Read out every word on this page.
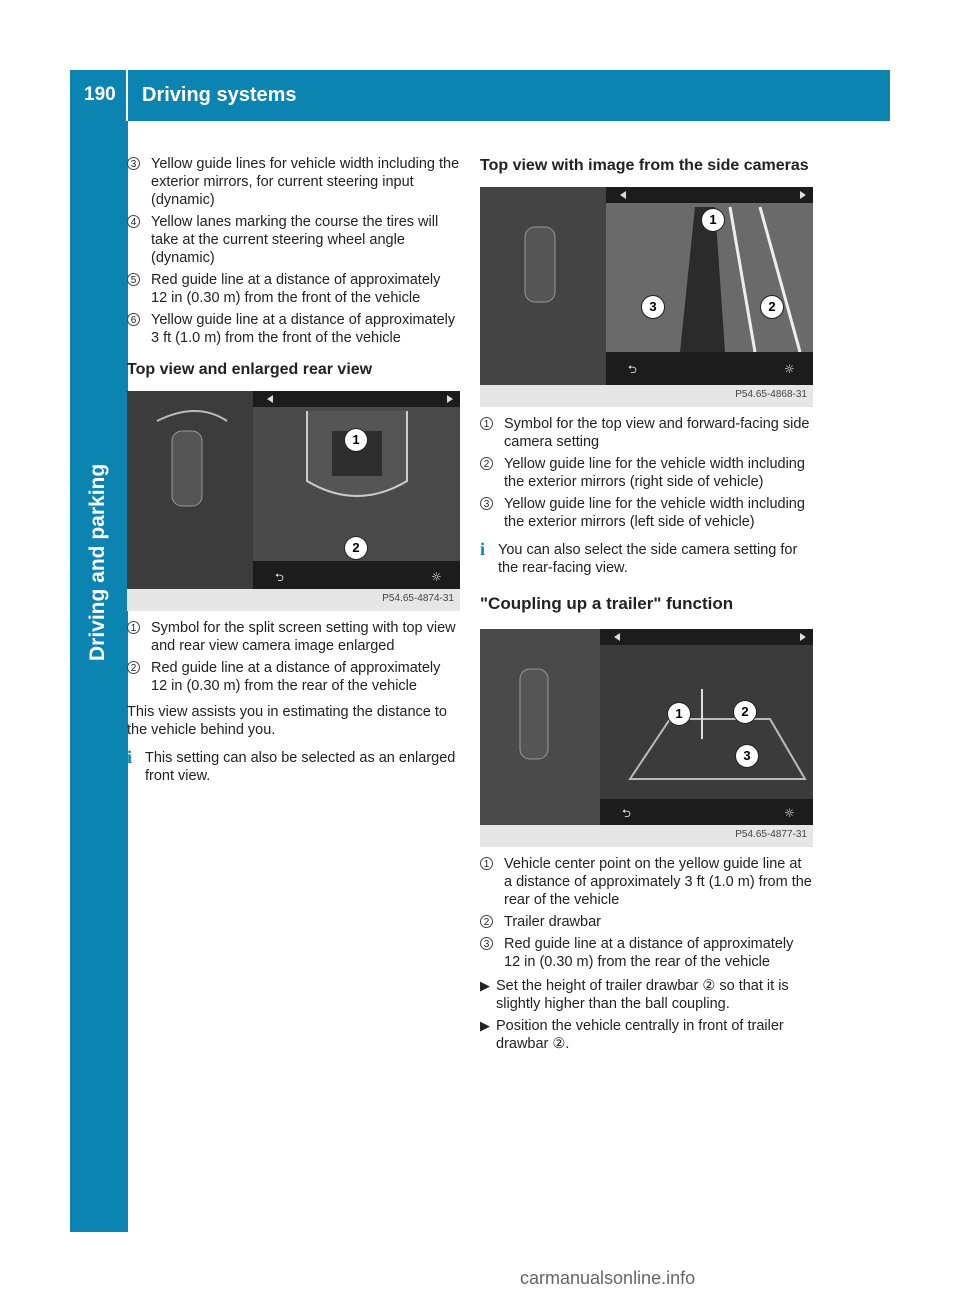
190 Driving systems
Driving and parking
3 Yellow guide lines for vehicle width including the exterior mirrors, for current steering input (dynamic)
4 Yellow lanes marking the course the tires will take at the current steering wheel angle (dynamic)
5 Red guide line at a distance of approximately 12 in (0.30 m) from the front of the vehicle
6 Yellow guide line at a distance of approximately 3 ft (1.0 m) from the front of the vehicle
Top view and enlarged rear view
⮌	☼
1
2
P54.65-4874-31
1 Symbol for the split screen setting with top view and rear view camera image enlarged
2 Red guide line at a distance of approximately 12 in (0.30 m) from the rear of the vehicle
This view assists you in estimating the distance to the vehicle behind you.
i This setting can also be selected as an enlarged front view.
Top view with image from the side cameras
⮌	☼
1
3	2
P54.65-4868-31
1 Symbol for the top view and forward-facing side camera setting
2 Yellow guide line for the vehicle width including the exterior mirrors (right side of vehicle)
3 Yellow guide line for the vehicle width including the exterior mirrors (left side of vehicle)
i You can also select the side camera setting for the rear-facing view.
"Coupling up a trailer" function
⮌	☼
1	2
3
P54.65-4877-31
1 Vehicle center point on the yellow guide line at a distance of approximately 3 ft (1.0 m) from the rear of the vehicle
2 Trailer drawbar
3 Red guide line at a distance of approximately 12 in (0.30 m) from the rear of the vehicle
▶ Set the height of trailer drawbar ② so that it is slightly higher than the ball coupling.
▶ Position the vehicle centrally in front of trailer drawbar ②.
carmanualsonline.info
